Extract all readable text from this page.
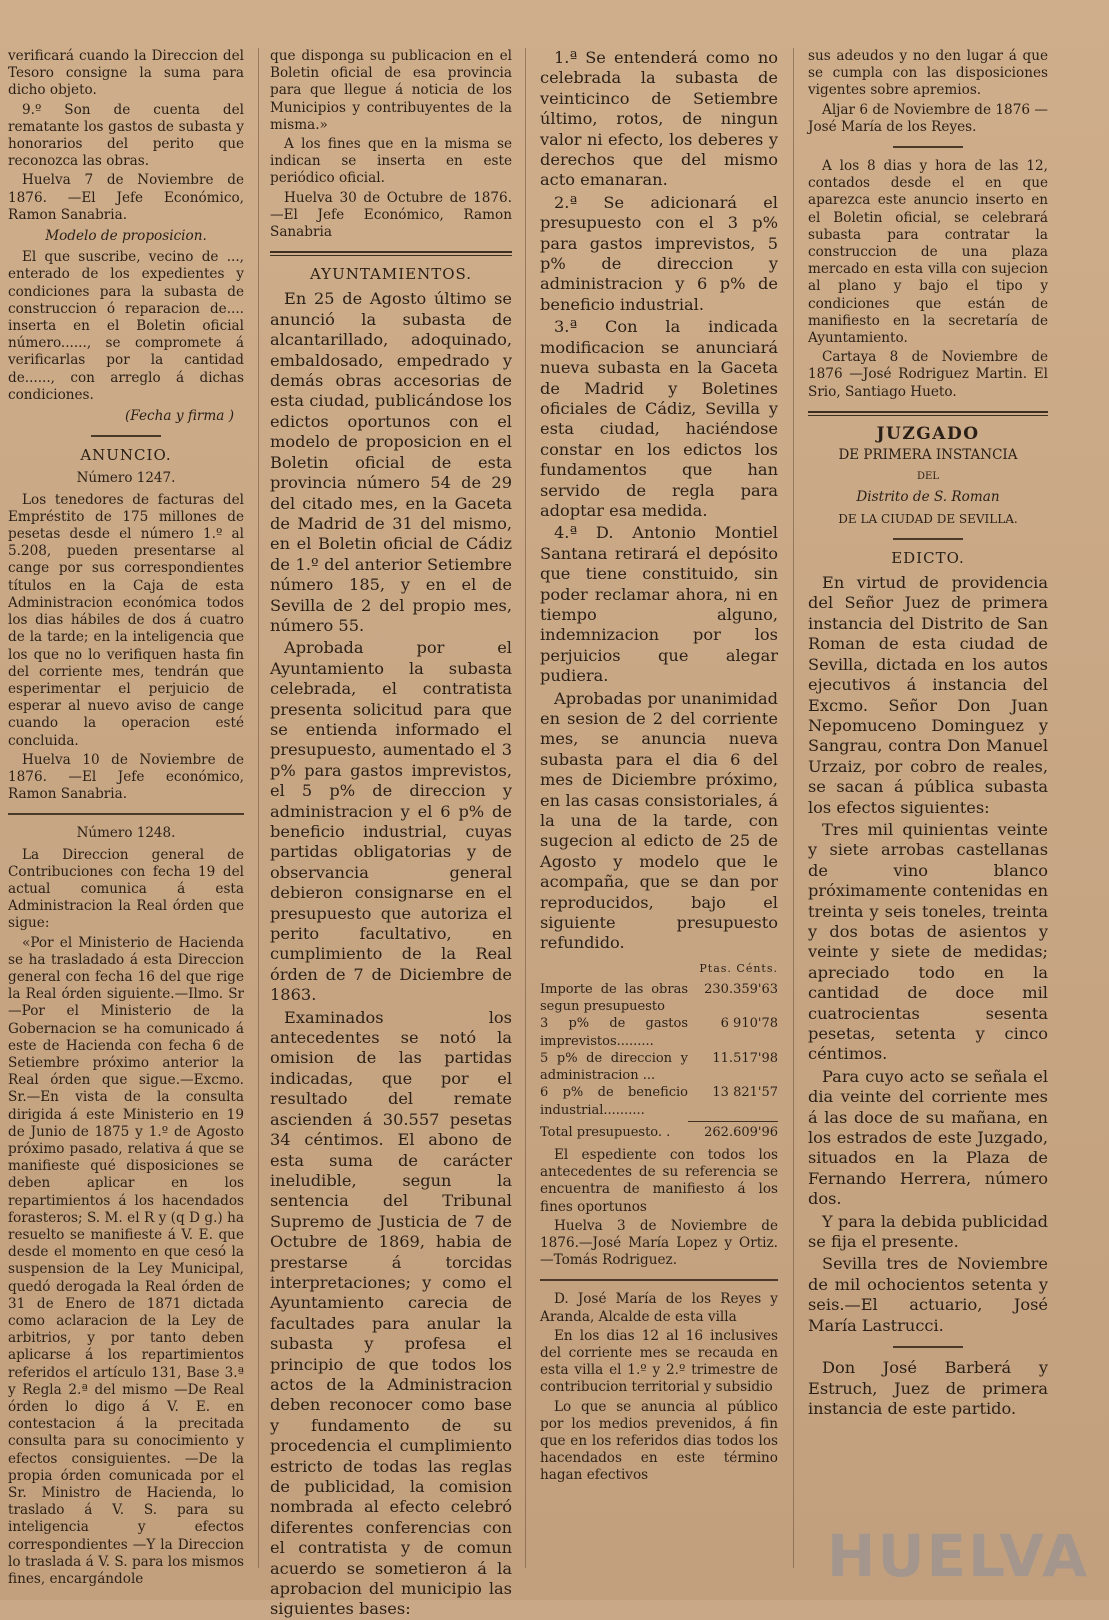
verificará cuando la Direccion del Tesoro consigne la suma para dicho objeto.

9.º Son de cuenta del rematante los gastos de subasta y honorarios del perito que reconozca las obras.

Huelva 7 de Noviembre de 1876. —El Jefe Económico, Ramon Sanabria.

Modelo de proposicion.

El que suscribe, vecino de ..., enterado de los expedientes y condiciones para la subasta de construccion ó reparacion de.... inserta en el Boletin oficial número......, se compromete á verificarlas por la cantidad de......, con arreglo á dichas condiciones.

(Fecha y firma )
ANUNCIO.
Número 1247.

Los tenedores de facturas del Empréstito de 175 millones de pesetas desde el número 1.º al 5.208, pueden presentarse al cange por sus correspondientes títulos en la Caja de esta Administracion económica todos los dias hábiles de dos á cuatro de la tarde; en la inteligencia que los que no lo verifiquen hasta fin del corriente mes, tendrán que esperimentar el perjuicio de esperar al nuevo aviso de cange cuando la operacion esté concluida.

Huelva 10 de Noviembre de 1876. —El Jefe económico, Ramon Sanabria.

Número 1248.

La Direccion general de Contribuciones con fecha 19 del actual comunica á esta Administracion la Real órden que sigue:

«Por el Ministerio de Hacienda se ha trasladado á esta Direccion general con fecha 16 del que rige la Real órden siguiente.—Ilmo. Sr —Por el Ministerio de la Gobernacion se ha comunicado á este de Hacienda con fecha 6 de Setiembre próximo anterior la Real órden que sigue.—Excmo. Sr.—En vista de la consulta dirigida á este Ministerio en 19 de Junio de 1875 y 1.º de Agosto próximo pasado, relativa á que se manifieste qué disposiciones se deben aplicar en los repartimientos á los hacendados forasteros; S. M. el R y (q D g.) ha resuelto se manifieste á V. E. que desde el momento en que cesó la suspension de la Ley Municipal, quedó derogada la Real órden de 31 de Enero de 1871 dictada como aclaracion de la Ley de arbitrios, y por tanto deben aplicarse á los repartimientos referidos el artículo 131, Base 3.ª y Regla 2.ª del mismo —De Real órden lo digo á V. E. en contestacion á la precitada consulta para su conocimiento y efectos consiguientes. —De la propia órden comunicada por el Sr. Ministro de Hacienda, lo traslado á V. S. para su inteligencia y efectos correspondientes —Y la Direccion lo traslada á V. S. para los mismos fines, encargándole

que disponga su publicacion en el Boletin oficial de esa provincia para que llegue á noticia de los Municipios y contribuyentes de la misma.»

A los fines que en la misma se indican se inserta en este periódico oficial.

Huelva 30 de Octubre de 1876. —El Jefe Económico, Ramon Sanabria

AYUNTAMIENTOS.

En 25 de Agosto último se anunció la subasta de alcantarillado, adoquinado, embaldosado, empedrado y demás obras accesorias de esta ciudad, publicándose los edictos oportunos con el modelo de proposicion en el Boletin oficial de esta provincia número 54 de 29 del citado mes, en la Gaceta de Madrid de 31 del mismo, en el Boletin oficial de Cádiz de 1.º del anterior Setiembre número 185, y en el de Sevilla de 2 del propio mes, número 55.

Aprobada por el Ayuntamiento la subasta celebrada, el contratista presenta solicitud para que se entienda informado el presupuesto, aumentado el 3 p% para gastos imprevistos, el 5 p% de direccion y administracion y el 6 p% de beneficio industrial, cuyas partidas obligatorias y de observancia general debieron consignarse en el presupuesto que autoriza el perito facultativo, en cumplimiento de la Real órden de 7 de Diciembre de 1863.

Examinados los antecedentes se notó la omision de las partidas indicadas, que por el resultado del remate ascienden á 30.557 pesetas 34 céntimos. El abono de esta suma de carácter ineludible, segun la sentencia del Tribunal Supremo de Justicia de 7 de Octubre de 1869, habia de prestarse á torcidas interpretaciones; y como el Ayuntamiento carecia de facultades para anular la subasta y profesa el principio de que todos los actos de la Administracion deben reconocer como base y fundamento de su procedencia el cumplimiento estricto de todas las reglas de publicidad, la comision nombrada al efecto celebró diferentes conferencias con el contratista y de comun acuerdo se sometieron á la aprobacion del municipio las siguientes bases:

1.ª Se entenderá como no celebrada la subasta de veinticinco de Setiembre último, rotos, de ningun valor ni efecto, los deberes y derechos que del mismo acto emanaran.

2.ª Se adicionará el presupuesto con el 3 p% para gastos imprevistos, 5 p% de direccion y administracion y 6 p% de beneficio industrial.

3.ª Con la indicada modificacion se anunciará nueva subasta en la Gaceta de Madrid y Boletines oficiales de Cádiz, Sevilla y esta ciudad, haciéndose constar en los edictos los fundamentos que han servido de regla para adoptar esa medida.

4.ª D. Antonio Montiel Santana retirará el depósito que tiene constituido, sin poder reclamar ahora, ni en tiempo alguno, indemnizacion por los perjuicios que alegar pudiera.

Aprobadas por unanimidad en sesion de 2 del corriente mes, se anuncia nueva subasta para el dia 6 del mes de Diciembre próximo, en las casas consistoriales, á la una de la tarde, con sugecion al edicto de 25 de Agosto y modelo que le acompaña, que se dan por reproducidos, bajo el siguiente presupuesto refundido.

Ptas. Cénts.
Importe de las obras segun presupuesto
230.359'63
3 p% de gastos imprevistos.........
6 910'78
5 p% de direccion y administracion ...
11.517'98
6 p% de beneficio industrial..........
13 821'57
Total presupuesto. .	262.609'96

El espediente con todos los antecedentes de su referencia se encuentra de manifiesto á los fines oportunos

Huelva 3 de Noviembre de 1876.—José María Lopez y Ortiz.—Tomás Rodriguez.

D. José María de los Reyes y Aranda, Alcalde de esta villa

En los dias 12 al 16 inclusives del corriente mes se recauda en esta villa el 1.º y 2.º trimestre de contribucion territorial y subsidio

Lo que se anuncia al público por los medios prevenidos, á fin que en los referidos dias todos los hacendados en este término hagan efectivos

sus adeudos y no den lugar á que se cumpla con las disposiciones vigentes sobre apremios.

Aljar 6 de Noviembre de 1876 —José María de los Reyes.

A los 8 dias y hora de las 12, contados desde el en que aparezca este anuncio inserto en el Boletin oficial, se celebrará subasta para contratar la construccion de una plaza mercado en esta villa con sujecion al plano y bajo el tipo y condiciones que están de manifiesto en la secretaría de Ayuntamiento.

Cartaya 8 de Noviembre de 1876 —José Rodriguez Martin. El Srio, Santiago Hueto.

JUZGADO
DE PRIMERA INSTANCIA
DEL
Distrito de S. Roman
DE LA CIUDAD DE SEVILLA.
EDICTO.

En virtud de providencia del Señor Juez de primera instancia del Distrito de San Roman de esta ciudad de Sevilla, dictada en los autos ejecutivos á instancia del Excmo. Señor Don Juan Nepomuceno Dominguez y Sangrau, contra Don Manuel Urzaiz, por cobro de reales, se sacan á pública subasta los efectos siguientes:

Tres mil quinientas veinte y siete arrobas castellanas de vino blanco próximamente contenidas en treinta y seis toneles, treinta y dos botas de asientos y veinte y siete de medidas; apreciado todo en la cantidad de doce mil cuatrocientas sesenta pesetas, setenta y cinco céntimos.

Para cuyo acto se señala el dia veinte del corriente mes á las doce de su mañana, en los estrados de este Juzgado, situados en la Plaza de Fernando Herrera, número dos.

Y para la debida publicidad se fija el presente.

Sevilla tres de Noviembre de mil ochocientos setenta y seis.—El actuario, José María Lastrucci.

Don José Barberá y Estruch, Juez de primera instancia de este partido.

HUELVA
